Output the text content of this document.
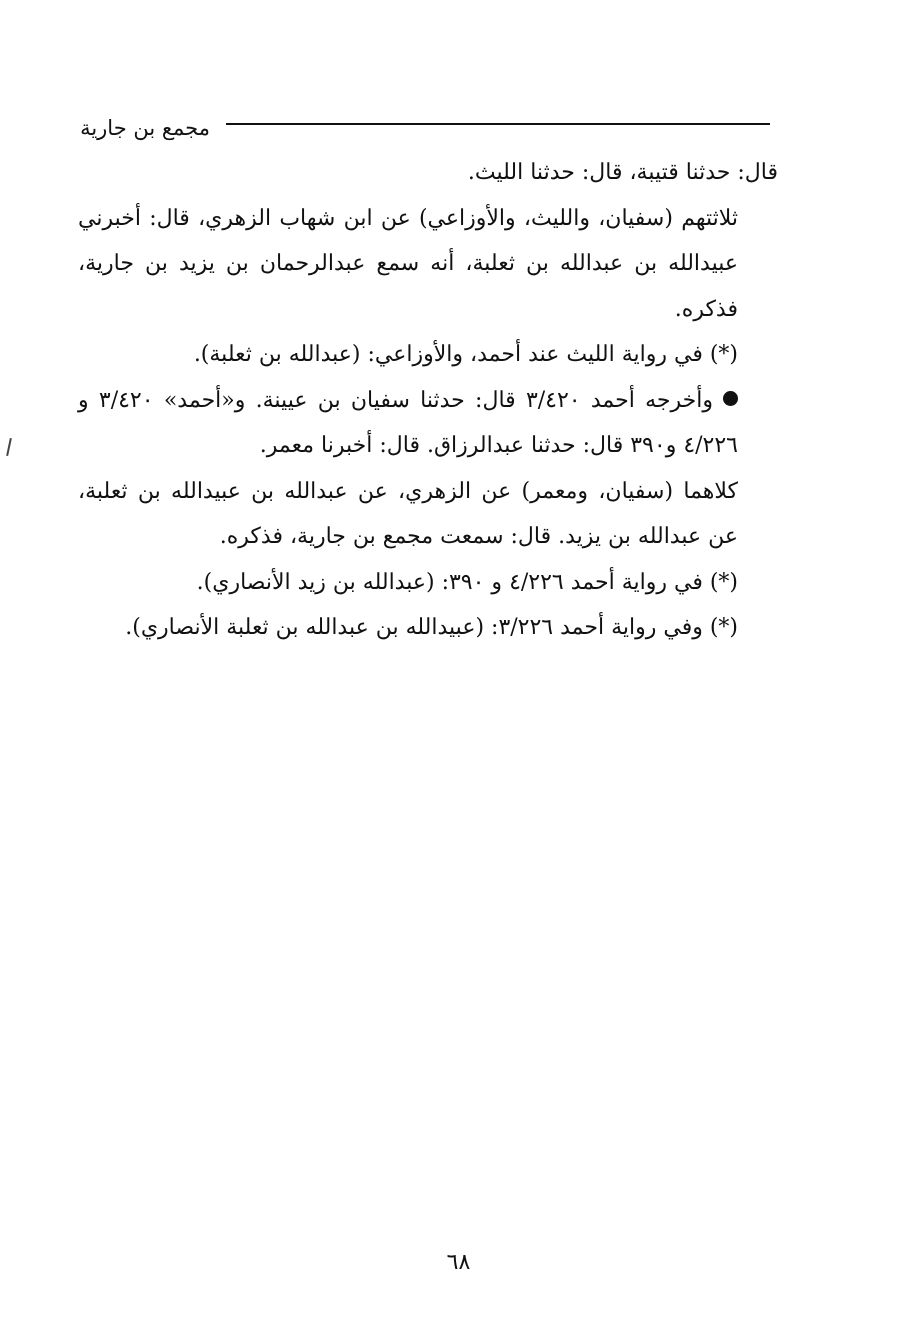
مجمع بن جارية

قال: حدثنا قتيبة، قال: حدثنا الليث.

ثلاثتهم (سفيان، والليث، والأوزاعي) عن ابن شهاب الزهري، قال: أخبرني عبيدالله بن عبدالله بن ثعلبة، أنه سمع عبدالرحمان بن يزيد بن جارية، فذكره.

(*) في رواية الليث عند أحمد، والأوزاعي: (عبدالله بن ثعلبة).

وأخرجه أحمد ٣/٤٢٠ قال: حدثنا سفيان بن عيينة. و«أحمد» ٣/٤٢٠ و ٤/٢٢٦ و٣٩٠ قال: حدثنا عبدالرزاق. قال: أخبرنا معمر.

كلاهما (سفيان، ومعمر) عن الزهري، عن عبدالله بن عبيدالله بن ثعلبة، عن عبدالله بن يزيد. قال: سمعت مجمع بن جارية، فذكره.

(*) في رواية أحمد ٤/٢٢٦ و ٣٩٠: (عبدالله بن زيد الأنصاري).

(*) وفي رواية أحمد ٣/٢٢٦: (عبيدالله بن عبدالله بن ثعلبة الأنصاري).

٦٨
